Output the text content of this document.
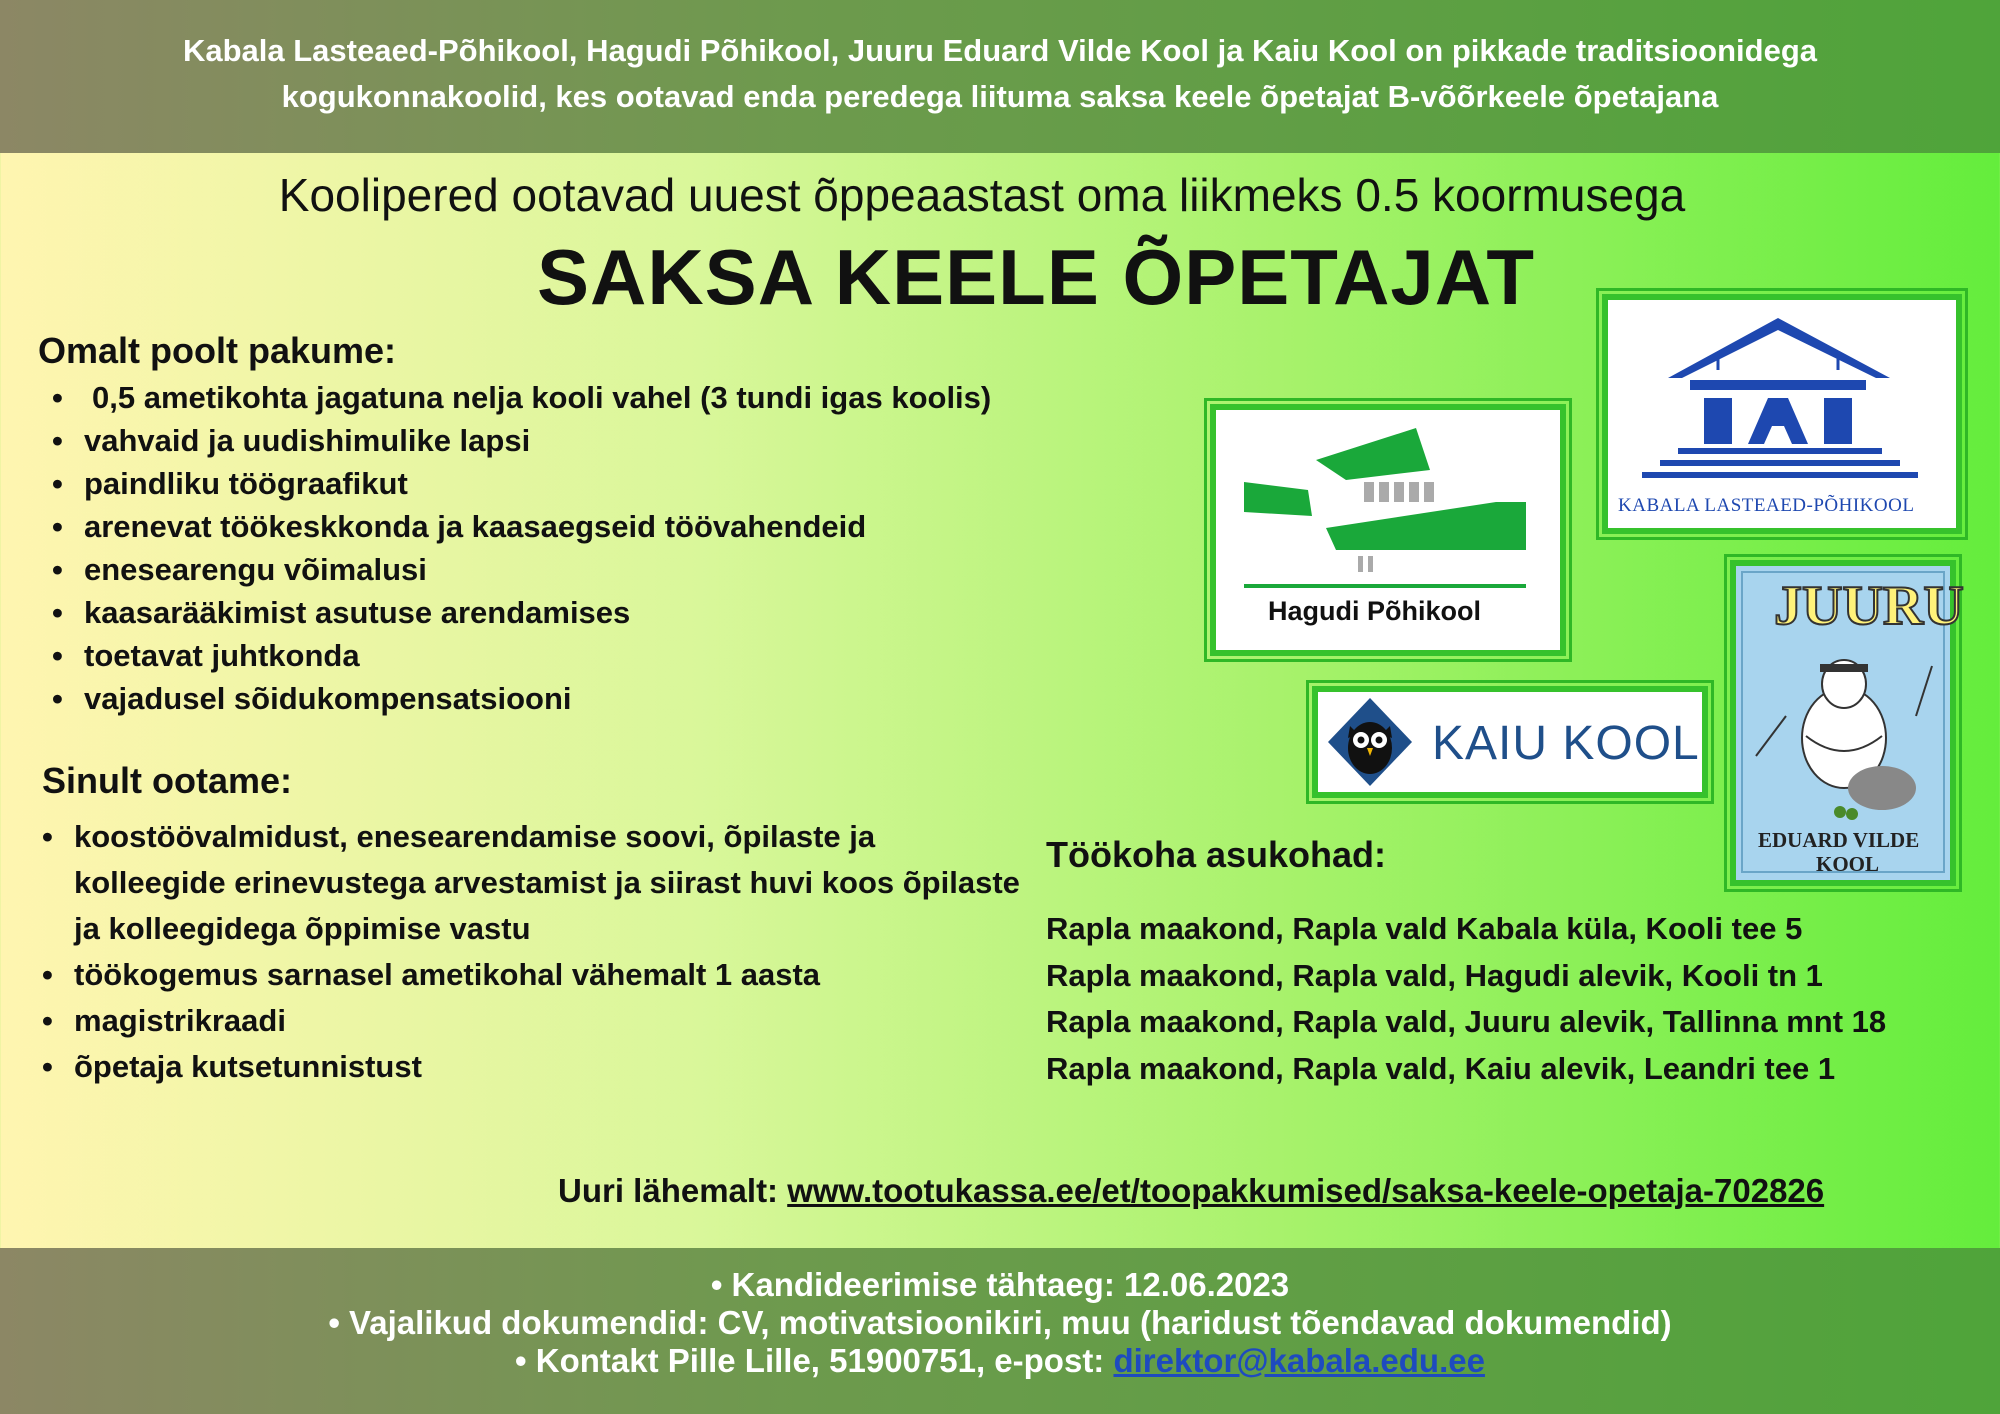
Kabala Lasteaed-Põhikool, Hagudi Põhikool, Juuru Eduard Vilde Kool ja Kaiu Kool on pikkade traditsioonidega
kogukonnakoolid, kes ootavad enda peredega liituma saksa keele õpetajat B-võõrkeele õpetajana
Koolipered ootavad uuest õppeaastast oma liikmeks 0.5 koormusega
SAKSA KEELE ÕPETAJAT
Omalt poolt pakume:
• 0,5 ametikohta jagatuna nelja kooli vahel (3 tundi igas koolis)
• vahvaid ja uudishimulike lapsi
• paindliku töögraafikut
• arenevat töökeskkonda ja kaasaegseid töövahendeid
• enesearengu võimalusi
• kaasarääkimist asutuse arendamises
• toetavat juhtkonda
• vajadusel sõidukompensatsiooni
Sinult ootame:
• koostöövalmidust, enesearendamise soovi, õpilaste ja kolleegide erinevustega arvestamist ja siirast huvi koos õpilaste ja kolleegidega õppimise vastu
• töökogemus sarnasel ametikohal vähemalt 1 aasta
• magistrikraadi
• õpetaja kutsetunnistust
Töökoha asukohad:
Rapla maakond, Rapla vald Kabala küla, Kooli tee 5
Rapla maakond, Rapla vald, Hagudi alevik, Kooli tn 1
Rapla maakond, Rapla vald, Juuru alevik, Tallinna mnt 18
Rapla maakond, Rapla vald, Kaiu alevik, Leandri tee 1
Uuri lähemalt: www.tootukassa.ee/et/toopakkumised/saksa-keele-opetaja-702826
KABALA LASTEAED-PÕHIKOOL
Hagudi Põhikool
KAIU KOOL
JUURU
EDUARD VILDE
KOOL
• Kandideerimise tähtaeg: 12.06.2023
• Vajalikud dokumendid: CV, motivatsioonikiri, muu (haridust tõendavad dokumendid)
• Kontakt Pille Lille, 51900751, e-post: direktor@kabala.edu.ee
